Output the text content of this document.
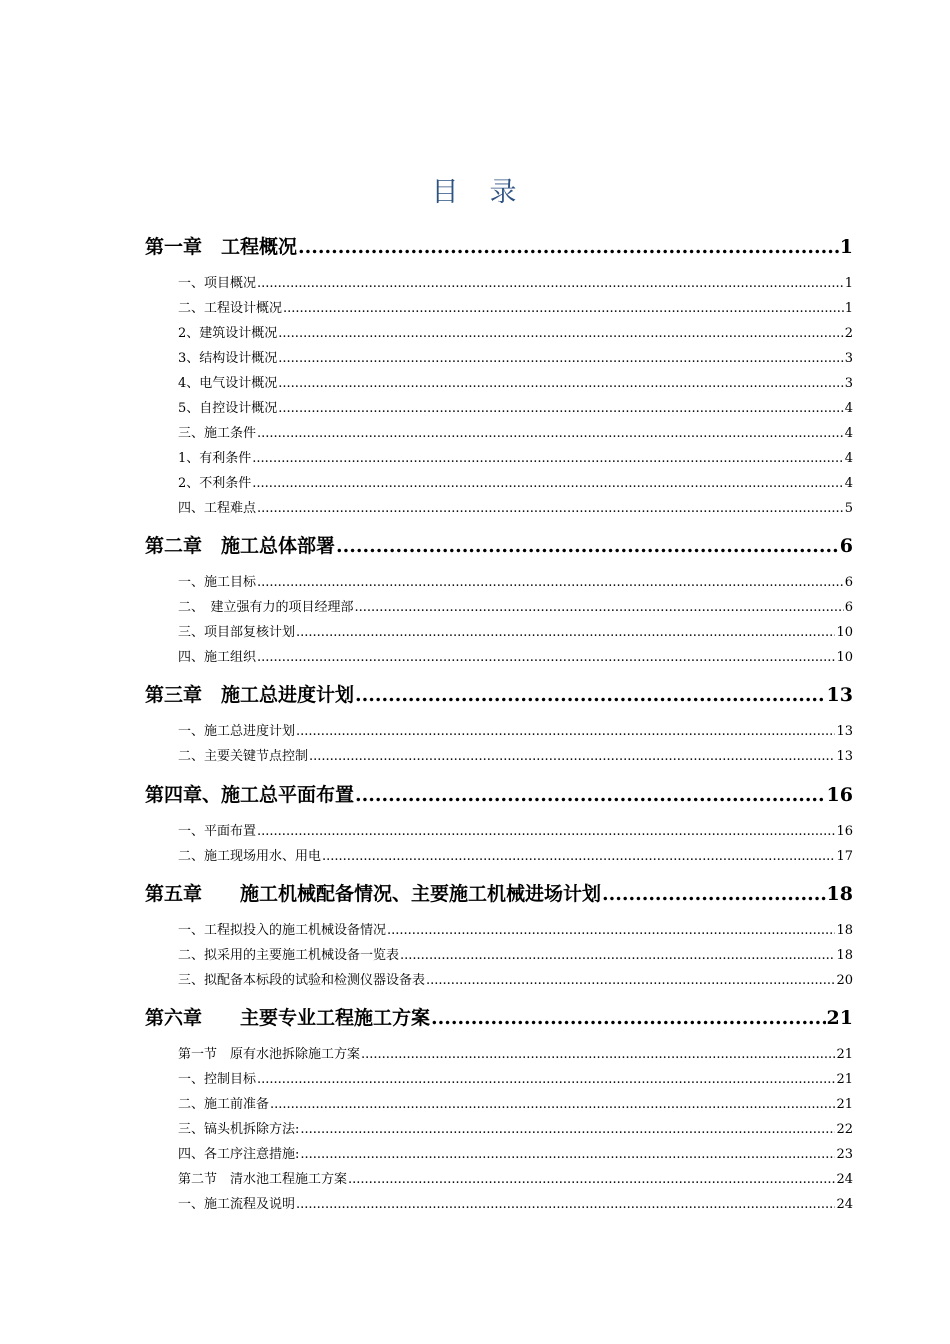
目　录
第一章　工程概况 .....	1
一、项目概况 .....	1
二、工程设计概况 .....	1
2、建筑设计概况 .....	2
3、结构设计概况 .....	3
4、电气设计概况 .....	3
5、自控设计概况 .....	4
三、施工条件 .....	4
1、有利条件 .....	4
2、不利条件 .....	4
四、工程难点 .....	5
第二章　施工总体部署 .....	6
一、施工目标 .....	6
二、　建立强有力的项目经理部 .....	6
三、项目部复核计划 .....	10
四、施工组织 .....	10
第三章　施工总进度计划 .....	13
一、施工总进度计划 .....	13
二、主要关键节点控制 .....	13
第四章、施工总平面布置 .....	16
一、平面布置 .....	16
二、施工现场用水、用电 .....	17
第五章　　施工机械配备情况、主要施工机械进场计划 .....	18
一、工程拟投入的施工机械设备情况 .....	18
二、拟采用的主要施工机械设备一览表 .....	18
三、拟配备本标段的试验和检测仪器设备表 .....	20
第六章　　主要专业工程施工方案 .....	21
第一节　原有水池拆除施工方案 .....	21
一、控制目标 .....	21
二、施工前准备 .....	21
三、镐头机拆除方法: .....	22
四、各工序注意措施: .....	23
第二节　清水池工程施工方案 .....	24
一、施工流程及说明 .....	24
